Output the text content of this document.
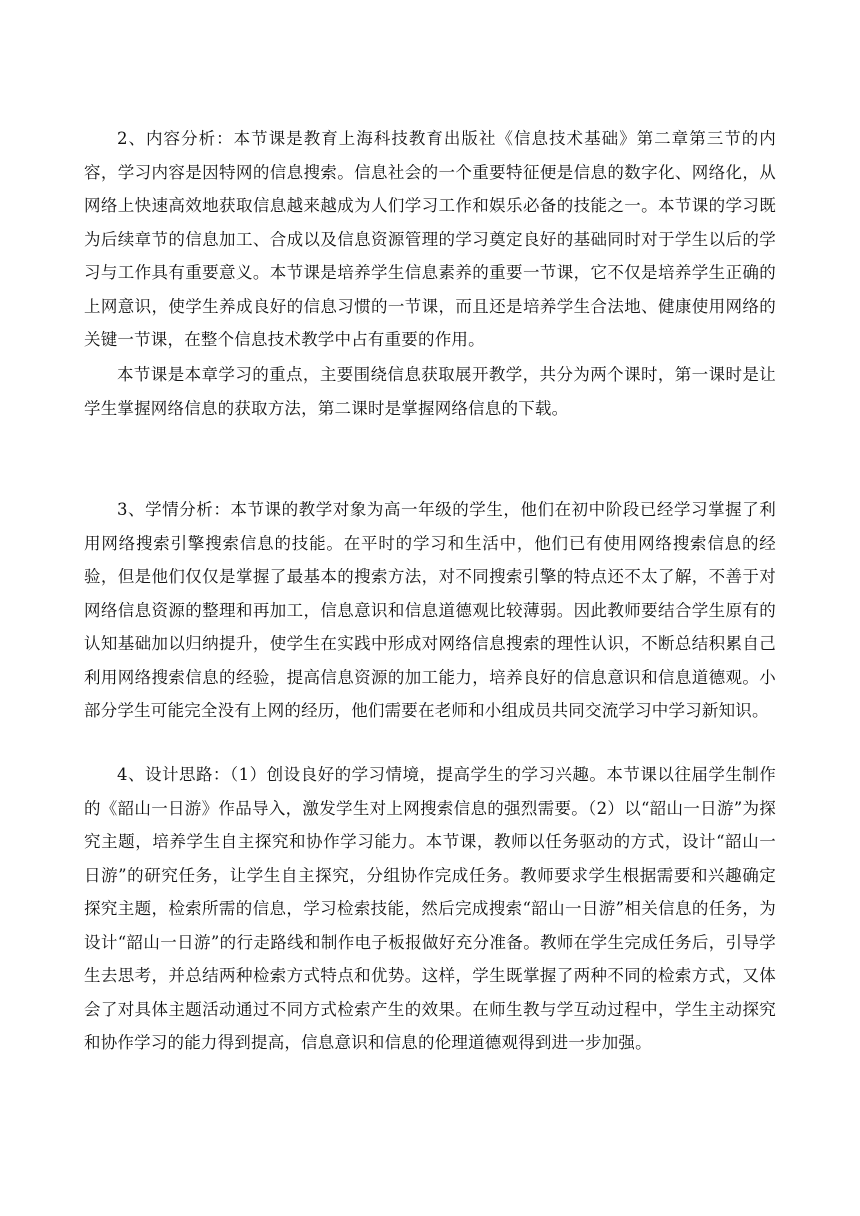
2、内容分析：本节课是教育上海科技教育出版社《信息技术基础》第二章第三节的内容，学习内容是因特网的信息搜索。信息社会的一个重要特征便是信息的数字化、网络化，从网络上快速高效地获取信息越来越成为人们学习工作和娱乐必备的技能之一。本节课的学习既为后续章节的信息加工、合成以及信息资源管理的学习奠定良好的基础同时对于学生以后的学习与工作具有重要意义。本节课是培养学生信息素养的重要一节课，它不仅是培养学生正确的上网意识，使学生养成良好的信息习惯的一节课，而且还是培养学生合法地、健康使用网络的关键一节课，在整个信息技术教学中占有重要的作用。

本节课是本章学习的重点，主要围绕信息获取展开教学，共分为两个课时，第一课时是让学生掌握网络信息的获取方法，第二课时是掌握网络信息的下载。

3、学情分析：本节课的教学对象为高一年级的学生，他们在初中阶段已经学习掌握了利用网络搜索引擎搜索信息的技能。在平时的学习和生活中，他们已有使用网络搜索信息的经验，但是他们仅仅是掌握了最基本的搜索方法，对不同搜索引擎的特点还不太了解，不善于对网络信息资源的整理和再加工，信息意识和信息道德观比较薄弱。因此教师要结合学生原有的认知基础加以归纳提升，使学生在实践中形成对网络信息搜索的理性认识，不断总结积累自己利用网络搜索信息的经验，提高信息资源的加工能力，培养良好的信息意识和信息道德观。小部分学生可能完全没有上网的经历，他们需要在老师和小组成员共同交流学习中学习新知识。

4、设计思路：（1）创设良好的学习情境，提高学生的学习兴趣。本节课以往届学生制作的《韶山一日游》作品导入，激发学生对上网搜索信息的强烈需要。（2）以“韶山一日游”为探究主题，培养学生自主探究和协作学习能力。本节课，教师以任务驱动的方式，设计“韶山一日游”的研究任务，让学生自主探究，分组协作完成任务。教师要求学生根据需要和兴趣确定探究主题，检索所需的信息，学习检索技能，然后完成搜索“韶山一日游”相关信息的任务，为设计“韶山一日游”的行走路线和制作电子板报做好充分准备。教师在学生完成任务后，引导学生去思考，并总结两种检索方式特点和优势。这样，学生既掌握了两种不同的检索方式，又体会了对具体主题活动通过不同方式检索产生的效果。在师生教与学互动过程中，学生主动探究和协作学习的能力得到提高，信息意识和信息的伦理道德观得到进一步加强。
